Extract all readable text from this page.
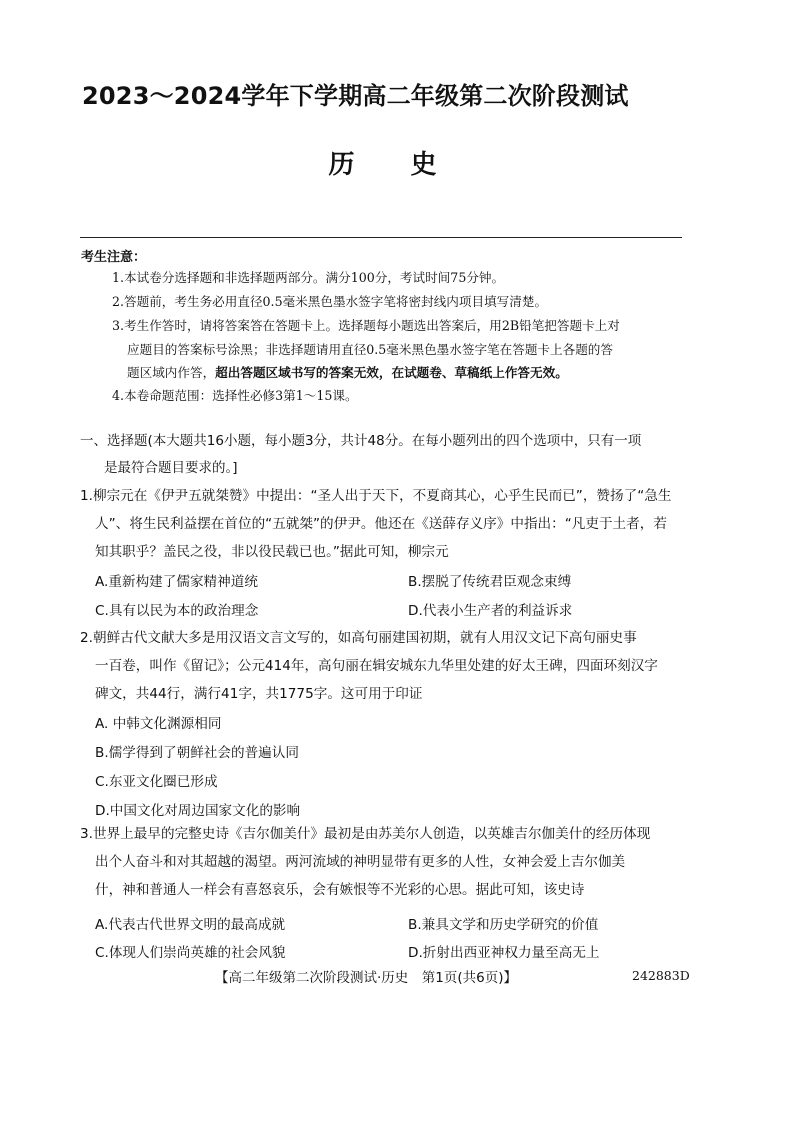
2023～2024学年下学期高二年级第二次阶段测试
历史
考生注意：
1.本试卷分选择题和非选择题两部分。满分100分，考试时间75分钟。
2.答题前，考生务必用直径0.5毫米黑色墨水签字笔将密封线内项目填写清楚。
3.考生作答时，请将答案答在答题卡上。选择题每小题选出答案后，用2B铅笔把答题卡上对
应题目的答案标号涂黑；非选择题请用直径0.5毫米黑色墨水签字笔在答题卡上各题的答
题区域内作答，超出答题区域书写的答案无效，在试题卷、草稿纸上作答无效。
4.本卷命题范围：选择性必修3第1～15课。
一、选择题(本大题共16小题，每小题3分，共计48分。在每小题列出的四个选项中，只有一项
是最符合题目要求的。]
1.柳宗元在《伊尹五就桀赞》中提出：“圣人出于天下，不夏商其心，心乎生民而已”，赞扬了“急生
人”、将生民利益摆在首位的“五就桀”的伊尹。他还在《送薛存义序》中指出：“凡吏于土者，若
知其职乎？盖民之役，非以役民载已也。”据此可知，柳宗元
A.重新构建了儒家精神道统	B.摆脱了传统君臣观念束缚
C.具有以民为本的政治理念	D.代表小生产者的利益诉求
2.朝鲜古代文献大多是用汉语文言文写的，如高句丽建国初期，就有人用汉文记下高句丽史事
一百卷，叫作《留记》；公元414年，高句丽在辑安城东九华里处建的好太王碑，四面环刻汉字
碑文，共44行，满行41字，共1775字。这可用于印证
A. 中韩文化渊源相同
B.儒学得到了朝鲜社会的普遍认同
C.东亚文化圈已形成
D.中国文化对周边国家文化的影响
3.世界上最早的完整史诗《吉尔伽美什》最初是由苏美尔人创造，以英雄吉尔伽美什的经历体现
出个人奋斗和对其超越的渴望。两河流域的神明显带有更多的人性，女神会爱上吉尔伽美
什，神和普通人一样会有喜怒哀乐，会有嫉恨等不光彩的心思。据此可知，该史诗
A.代表古代世界文明的最高成就	B.兼具文学和历史学研究的价值
C.体现人们崇尚英雄的社会风貌	D.折射出西亚神权力量至高无上
【高二年级第二次阶段测试·历史　第1页(共6页)】	242883D
